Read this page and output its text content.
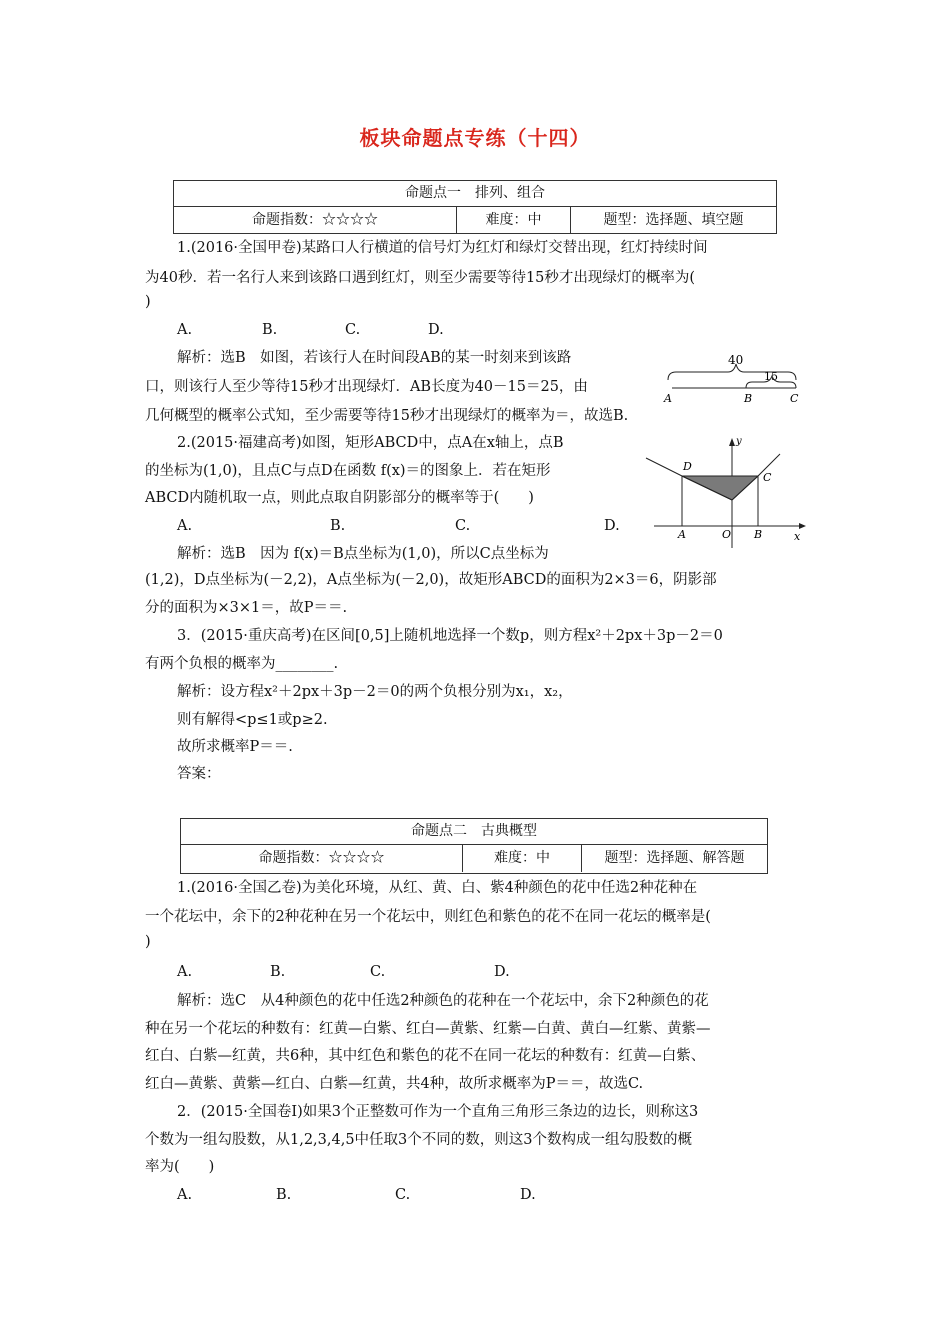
板块命题点专练（十四）
命题点一　排列、组合
命题指数：☆☆☆☆	难度：中	题型：选择题、填空题
1.(2016·全国甲卷)某路口人行横道的信号灯为红灯和绿灯交替出现，红灯持续时间
为40秒．若一名行人来到该路口遇到红灯，则至少需要等待15秒才出现绿灯的概率为(
)
A.	B.	C.	D.
解析：选B　如图，若该行人在时间段AB的某一时刻来到该路
口，则该行人至少等待15秒才出现绿灯．AB长度为40－15＝25，由
几何概型的概率公式知，至少需要等待15秒才出现绿灯的概率为＝，故选B.
40
15
A	B	C
2.(2015·福建高考)如图，矩形ABCD中，点A在x轴上，点B
的坐标为(1,0)，且点C与点D在函数 f(x)＝的图象上．若在矩形
ABCD内随机取一点，则此点取自阴影部分的概率等于(　　)
A.	B.	C.	D.
解析：选B　因为 f(x)＝B点坐标为(1,0)，所以C点坐标为
(1,2)，D点坐标为(－2,2)，A点坐标为(－2,0)，故矩形ABCD的面积为2×3＝6，阴影部
分的面积为×3×1＝，故P＝＝.
y
x
D
C
A	O B
3．(2015·重庆高考)在区间[0,5]上随机地选择一个数p，则方程x²＋2px＋3p－2＝0
有两个负根的概率为________.
解析：设方程x²＋2px＋3p－2＝0的两个负根分别为x₁，x₂，
则有解得<p≤1或p≥2.
故所求概率P＝＝.
答案：
命题点二　古典概型
命题指数：☆☆☆☆	难度：中	题型：选择题、解答题
1.(2016·全国乙卷)为美化环境，从红、黄、白、紫4种颜色的花中任选2种花种在
一个花坛中，余下的2种花种在另一个花坛中，则红色和紫色的花不在同一花坛的概率是(
)
A.	B.	C.	D.
解析：选C　从4种颜色的花中任选2种颜色的花种在一个花坛中，余下2种颜色的花
种在另一个花坛的种数有：红黄—白紫、红白—黄紫、红紫—白黄、黄白—红紫、黄紫—
红白、白紫—红黄，共6种，其中红色和紫色的花不在同一花坛的种数有：红黄—白紫、
红白—黄紫、黄紫—红白、白紫—红黄，共4种，故所求概率为P＝＝，故选C.
2．(2015·全国卷Ⅰ)如果3个正整数可作为一个直角三角形三条边的边长，则称这3
个数为一组勾股数，从1,2,3,4,5中任取3个不同的数，则这3个数构成一组勾股数的概
率为(　　)
A.	B.	C.	D.
